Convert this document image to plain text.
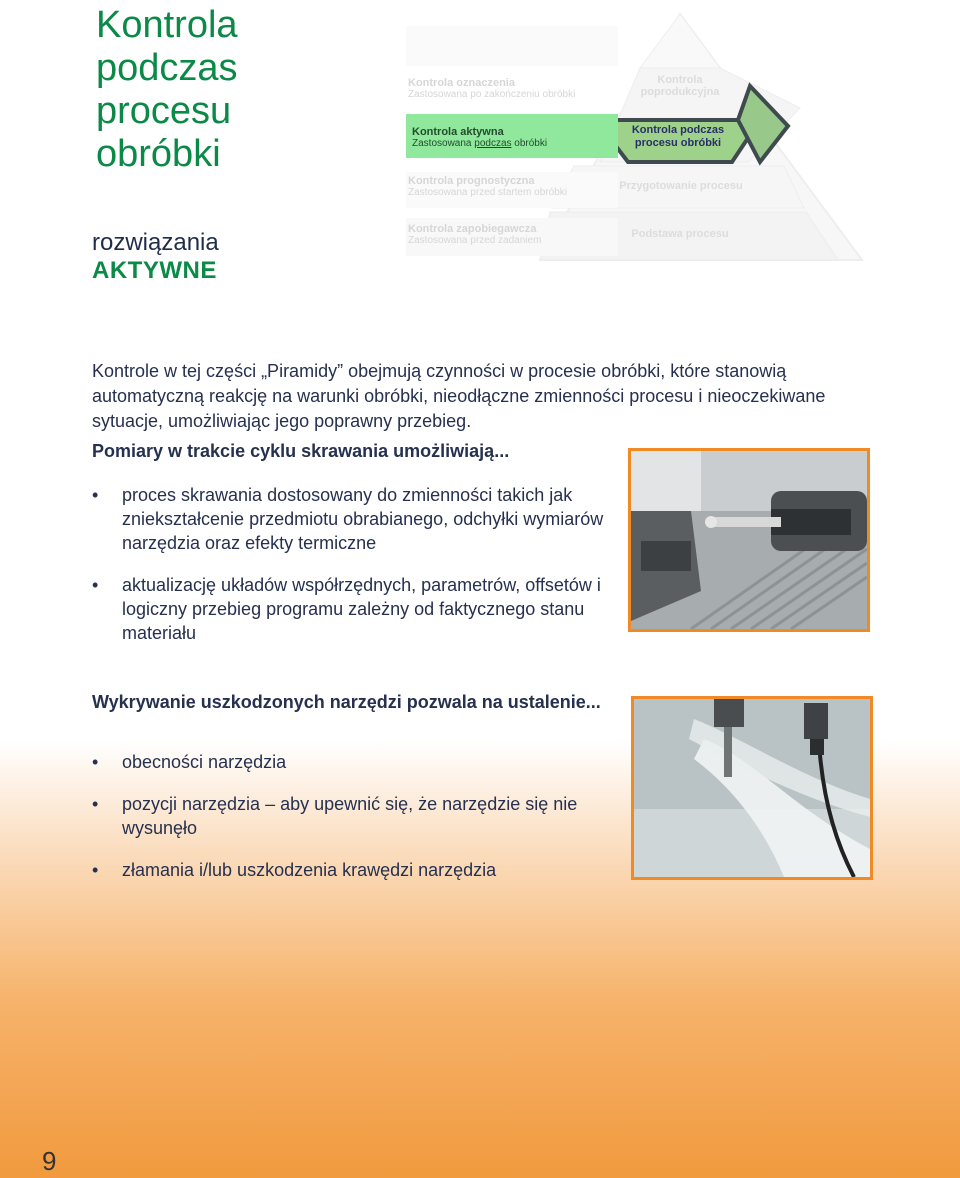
Kontrola
podczas
procesu
obróbki
rozwiązania
AKTYWNE
Kontrola oznaczenia
Zastosowana po zakończeniu obróbki
Kontrola aktywna
Zastosowana podczas obróbki
Kontrola prognostyczna
Zastosowana przed startem obróbki
Kontrola zapobiegawcza
Zastosowana przed zadaniem
Kontrola
poprodukcyjna
Kontrola podczas
procesu obróbki
Przygotowanie procesu
Podstawa procesu

Kontrole w tej części „Piramidy” obejmują czynności w procesie obróbki, które stanowią automatyczną reakcję na warunki obróbki, nieodłączne zmienności procesu i nieoczekiwane sytuacje, umożliwiając jego poprawny przebieg.

Pomiary w trakcie cyklu skrawania umożliwiają...
• proces skrawania dostosowany do zmienności takich jak zniekształcenie przedmiotu obrabianego, odchyłki wymiarów narzędzia oraz efekty termiczne
• aktualizację układów współrzędnych, parametrów, offsetów i logiczny przebieg programu zależny od faktycznego stanu materiału
Wykrywanie uszkodzonych narzędzi pozwala na ustalenie...
• obecności narzędzia
• pozycji narzędzia – aby upewnić się, że narzędzie się nie wysunęło
• złamania i/lub uszkodzenia krawędzi narzędzia
9
